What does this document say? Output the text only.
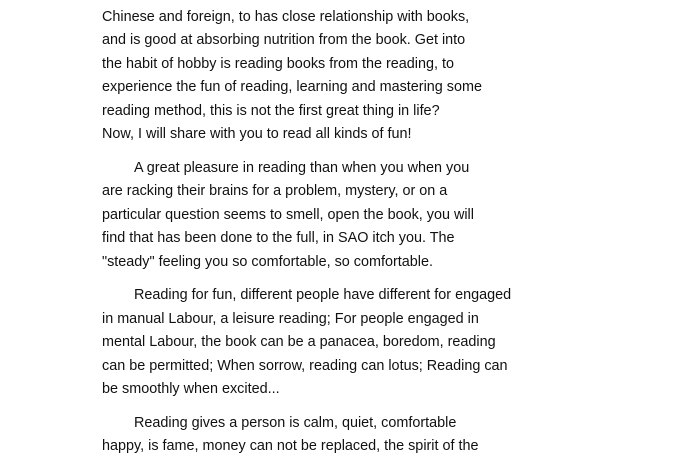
Chinese and foreign, to has close relationship with books,
and is good at absorbing nutrition from the book. Get into
the habit of hobby is reading books from the reading, to
experience the fun of reading, learning and mastering some
reading method, this is not the first great thing in life?
Now, I will share with you to read all kinds of fun!
A great pleasure in reading than when you when you
are racking their brains for a problem, mystery, or on a
particular question seems to smell, open the book, you will
find that has been done to the full, in SAO itch you. The
"steady" feeling you so comfortable, so comfortable.
Reading for fun, different people have different for engaged
in manual Labour, a leisure reading; For people engaged in
mental Labour, the book can be a panacea, boredom, reading
can be permitted; When sorrow, reading can lotus; Reading can
be smoothly when excited...
Reading gives a person is calm, quiet, comfortable
happy, is fame, money can not be replaced, the spirit of the
